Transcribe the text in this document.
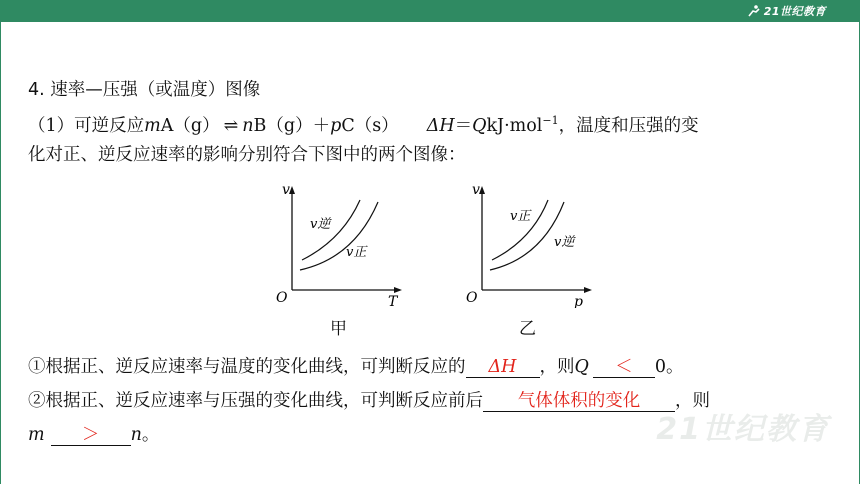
21世纪教育
21世纪教育
4. 速率—压强（或温度）图像
（1）可逆反应mA（g） ⇌ nB（g）＋pC（s） ΔH＝QkJ·mol$^{-1}$，温度和压强的变
化对正、逆反应速率的影响分别符合下图中的两个图像：
v
T
O
v逆
v正
甲
v
p
O
v正
v逆
乙
①根据正、逆反应速率与温度的变化曲线，可判断反应的 ΔH ，则Q ＜ 0。
②根据正、逆反应速率与压强的变化曲线，可判断反应前后 气体体积的变化 ，则
m ＞ n。
